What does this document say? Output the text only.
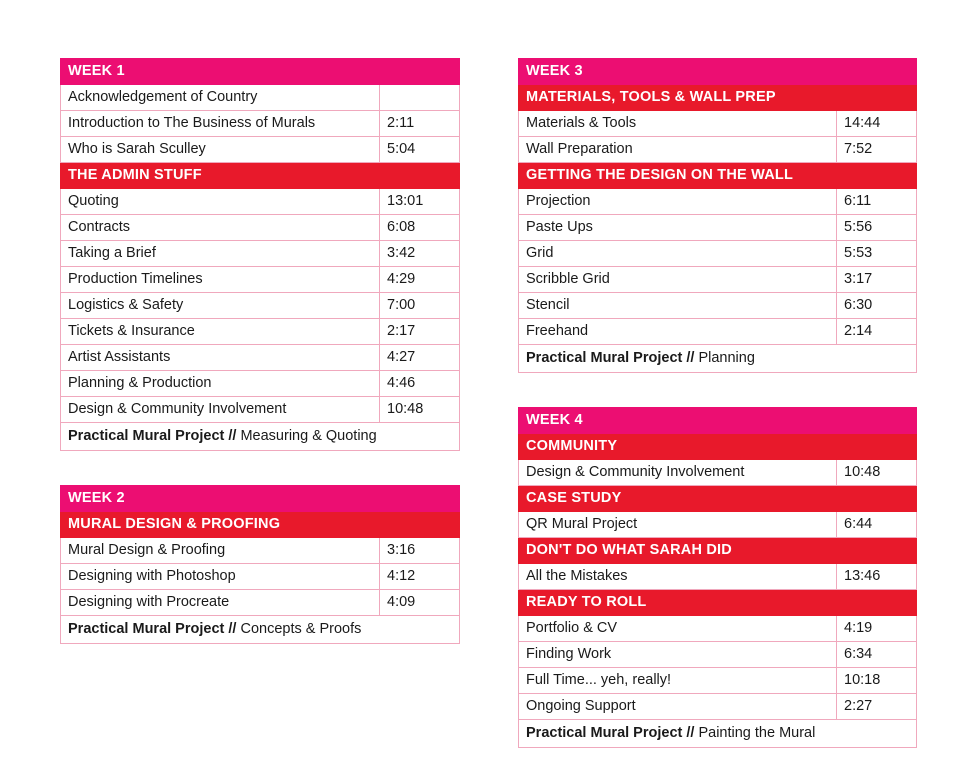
WEEK 1	
Acknowledgement of Country	
Introduction to The Business of Murals	2:11
Who is Sarah Sculley	5:04
THE ADMIN STUFF	
Quoting	13:01
Contracts	6:08
Taking a Brief	3:42
Production Timelines	4:29
Logistics & Safety	7:00
Tickets & Insurance	2:17
Artist Assistants	4:27
Planning & Production	4:46
Design & Community Involvement	10:48
Practical Mural Project // Measuring & Quoting	
WEEK 2	
MURAL DESIGN & PROOFING	
Mural Design & Proofing	3:16
Designing with Photoshop	4:12
Designing with Procreate	4:09
Practical Mural Project // Concepts & Proofs	
WEEK 3	
MATERIALS, TOOLS & WALL PREP	
Materials & Tools	14:44
Wall Preparation	7:52
GETTING THE DESIGN ON THE WALL	
Projection	6:11
Paste Ups	5:56
Grid	5:53
Scribble Grid	3:17
Stencil	6:30
Freehand	2:14
Practical Mural Project // Planning	
WEEK 4	
COMMUNITY	
Design & Community Involvement	10:48
CASE STUDY	
QR Mural Project	6:44
DON'T DO WHAT SARAH DID	
All the Mistakes	13:46
READY TO ROLL	
Portfolio & CV	4:19
Finding Work	6:34
Full Time... yeh, really!	10:18
Ongoing Support	2:27
Practical Mural Project // Painting the Mural	
